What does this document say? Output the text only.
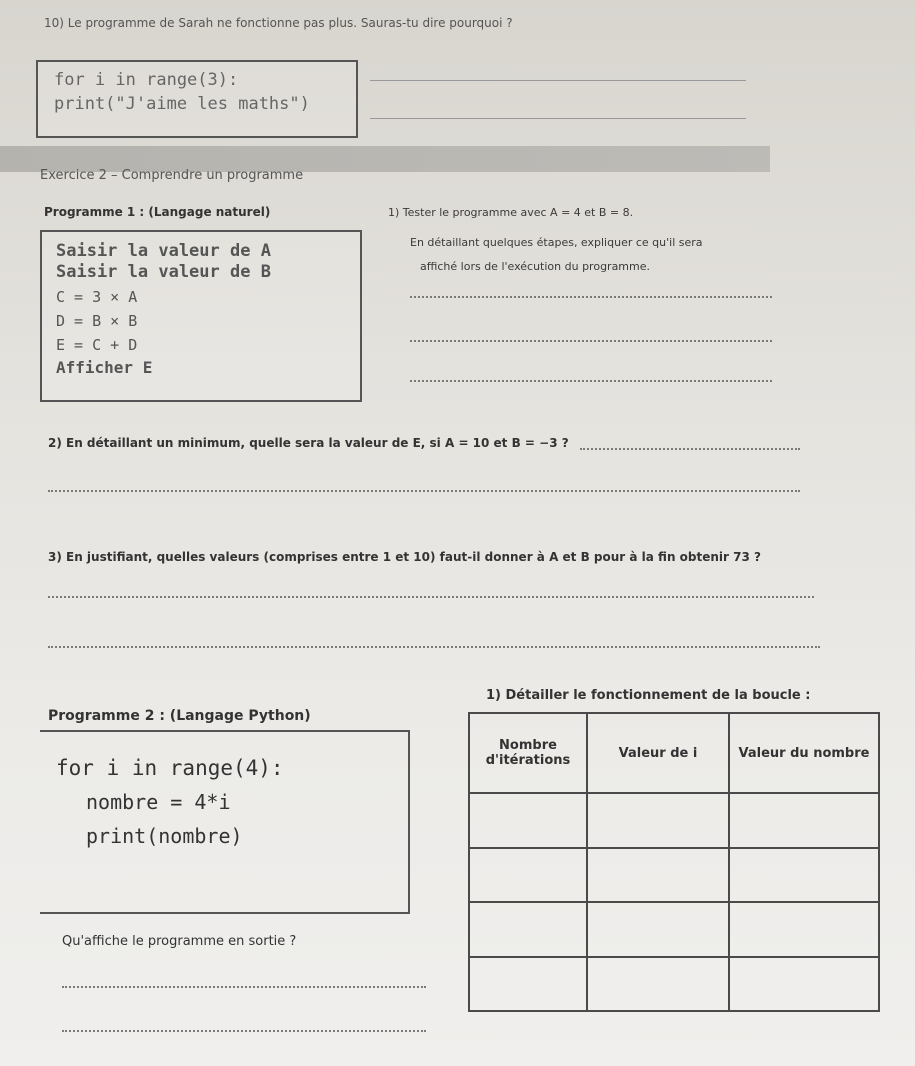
10) Le programme de Sarah ne fonctionne pas plus. Sauras-tu dire pourquoi ?
for i in range(3):
print("J'aime les maths")
Exercice 2 – Comprendre un programme
Programme 1 : (Langage naturel)
Saisir la valeur de A
Saisir la valeur de B
C = 3 × A
D = B × B
E = C + D
Afficher E
1) Tester le programme avec A = 4 et B = 8.
En détaillant quelques étapes, expliquer ce qu'il sera
affiché lors de l'exécution du programme.
2) En détaillant un minimum, quelle sera la valeur de E, si A = 10 et B = −3 ?
3) En justifiant, quelles valeurs (comprises entre 1 et 10) faut-il donner à A et B pour à la fin obtenir 73 ?
Programme 2 : (Langage Python)
for i in range(4):
nombre = 4*i
print(nombre)
1) Détailler le fonctionnement de la boucle :
Nombre d'itérations	Valeur de i	Valeur du nombre

Qu'affiche le programme en sortie ?
